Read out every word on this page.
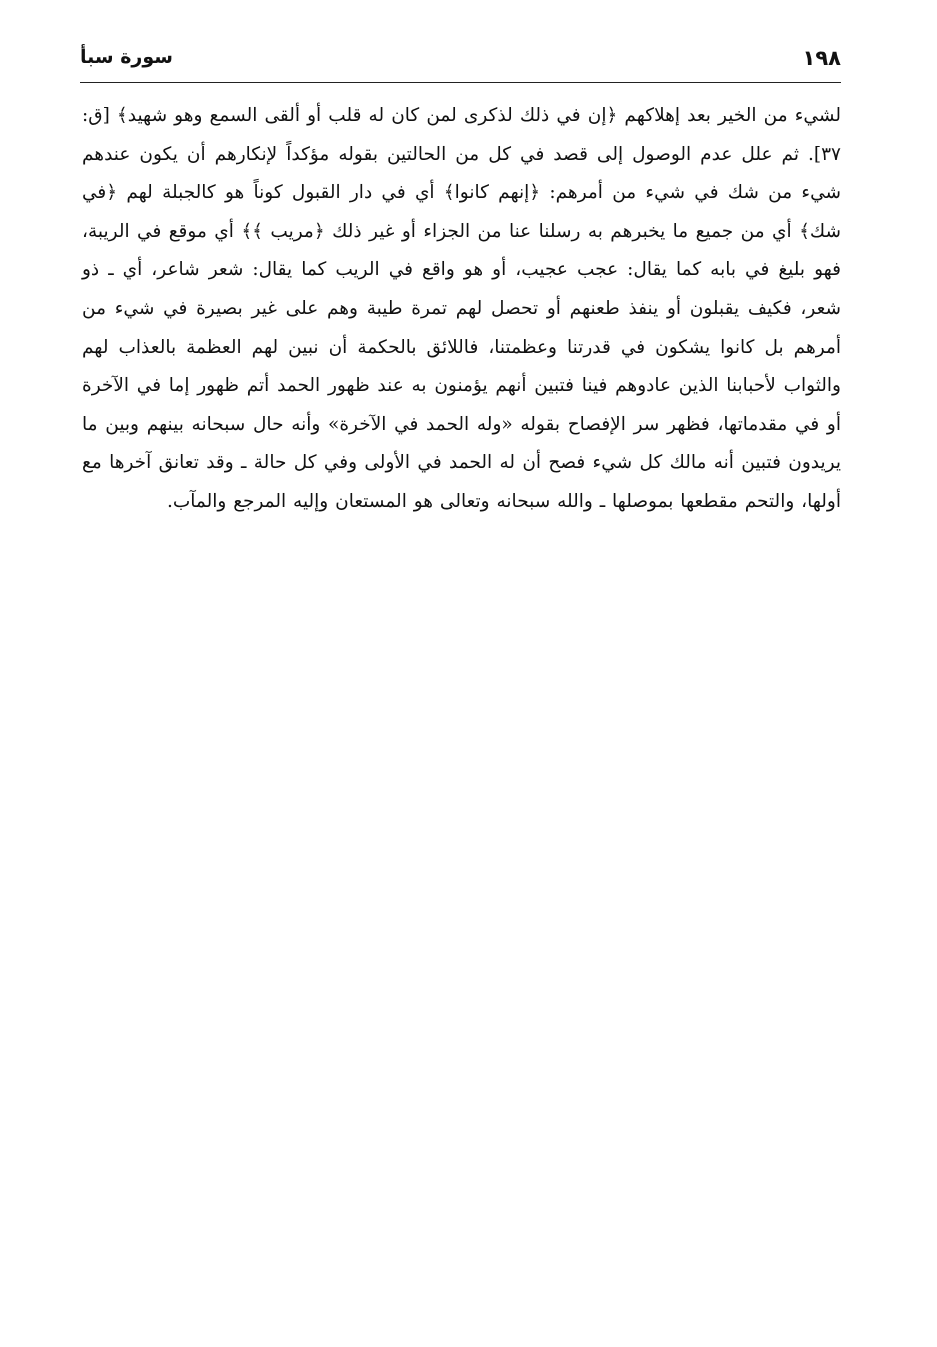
١٩٨
سورة سبأ

لشيء من الخير بعد إهلاكهم ﴿إن في ذلك لذكرى لمن كان له قلب أو ألقى السمع وهو شهيد﴾ [ق: ٣٧]. ثم علل عدم الوصول إلى قصد في كل من الحالتين بقوله مؤكداً لإنكارهم أن يكون عندهم شيء من شك في شيء من أمرهم: ﴿إنهم كانوا﴾ أي في دار القبول كوناً هو كالجبلة لهم ﴿في شك﴾ أي من جميع ما يخبرهم به رسلنا عنا من الجزاء أو غير ذلك ﴿مريب ﴾﴾ أي موقع في الريبة، فهو بليغ في بابه كما يقال: عجب عجيب، أو هو واقع في الريب كما يقال: شعر شاعر، أي ـ ذو شعر، فكيف يقبلون أو ينفذ طعنهم أو تحصل لهم تمرة طيبة وهم على غير بصيرة في شيء من أمرهم بل كانوا يشكون في قدرتنا وعظمتنا، فاللائق بالحكمة أن نبين لهم العظمة بالعذاب لهم والثواب لأحبابنا الذين عادوهم فينا فتبين أنهم يؤمنون به عند ظهور الحمد أتم ظهور إما في الآخرة أو في مقدماتها، فظهر سر الإفصاح بقوله «وله الحمد في الآخرة» وأنه حال سبحانه بينهم وبين ما يريدون فتبين أنه مالك كل شيء فصح أن له الحمد في الأولى وفي كل حالة ـ وقد تعانق آخرها مع أولها، والتحم مقطعها بموصلها ـ والله سبحانه وتعالى هو المستعان وإليه المرجع والمآب.
